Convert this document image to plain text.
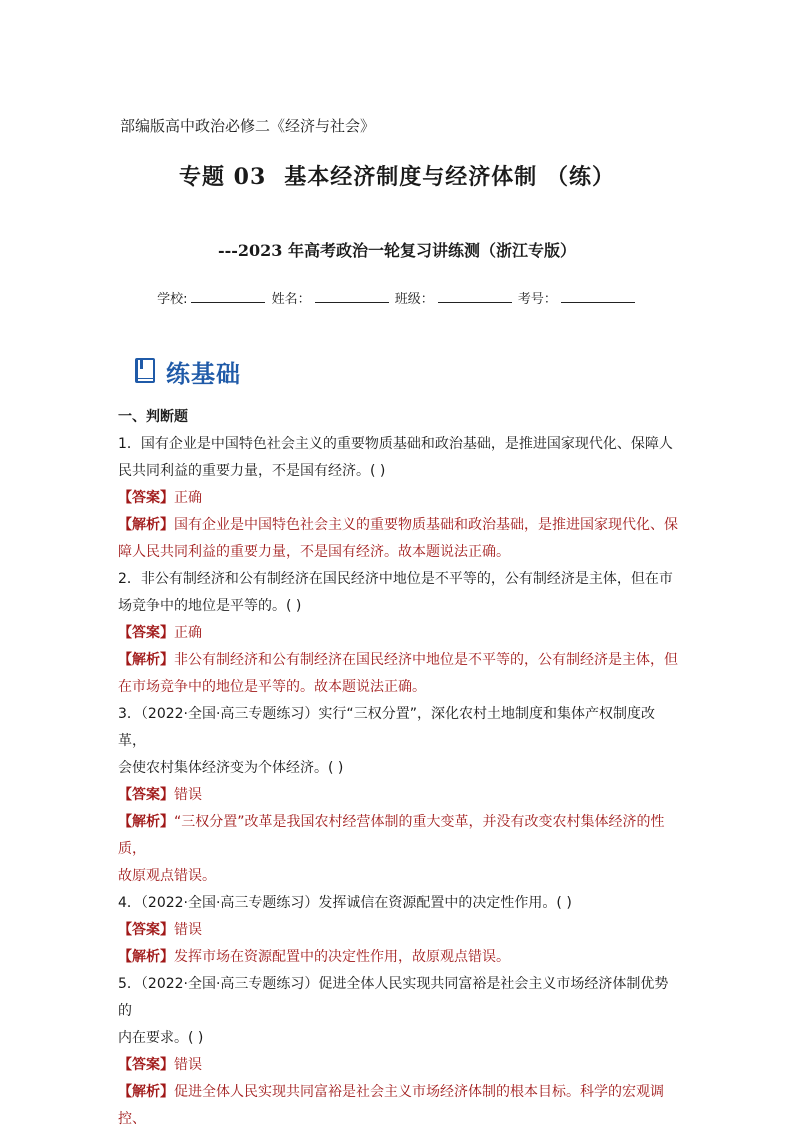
部编版高中政治必修二《经济与社会》
专题 03 基本经济制度与经济体制 （练）
---2023 年高考政治一轮复习讲练测（浙江专版）
学校:	姓名：	班级：	考号：
练基础

一、判断题

1．国有企业是中国特色社会主义的重要物质基础和政治基础，是推进国家现代化、保障人

民共同利益的重要力量，不是国有经济。( )

【答案】正确

【解析】国有企业是中国特色社会主义的重要物质基础和政治基础，是推进国家现代化、保

障人民共同利益的重要力量，不是国有经济。故本题说法正确。

2．非公有制经济和公有制经济在国民经济中地位是不平等的，公有制经济是主体，但在市

场竞争中的地位是平等的。( )

【答案】正确

【解析】非公有制经济和公有制经济在国民经济中地位是不平等的，公有制经济是主体，但

在市场竞争中的地位是平等的。故本题说法正确。

3．（2022·全国·高三专题练习）实行“三权分置”，深化农村土地制度和集体产权制度改革，

会使农村集体经济变为个体经济。( )

【答案】错误

【解析】“三权分置”改革是我国农村经营体制的重大变革，并没有改变农村集体经济的性质，

故原观点错误。

4．（2022·全国·高三专题练习）发挥诚信在资源配置中的决定性作用。( )

【答案】错误

【解析】发挥市场在资源配置中的决定性作用，故原观点错误。

5．（2022·全国·高三专题练习）促进全体人民实现共同富裕是社会主义市场经济体制优势的

内在要求。( )

【答案】错误

【解析】促进全体人民实现共同富裕是社会主义市场经济体制的根本目标。科学的宏观调控、
